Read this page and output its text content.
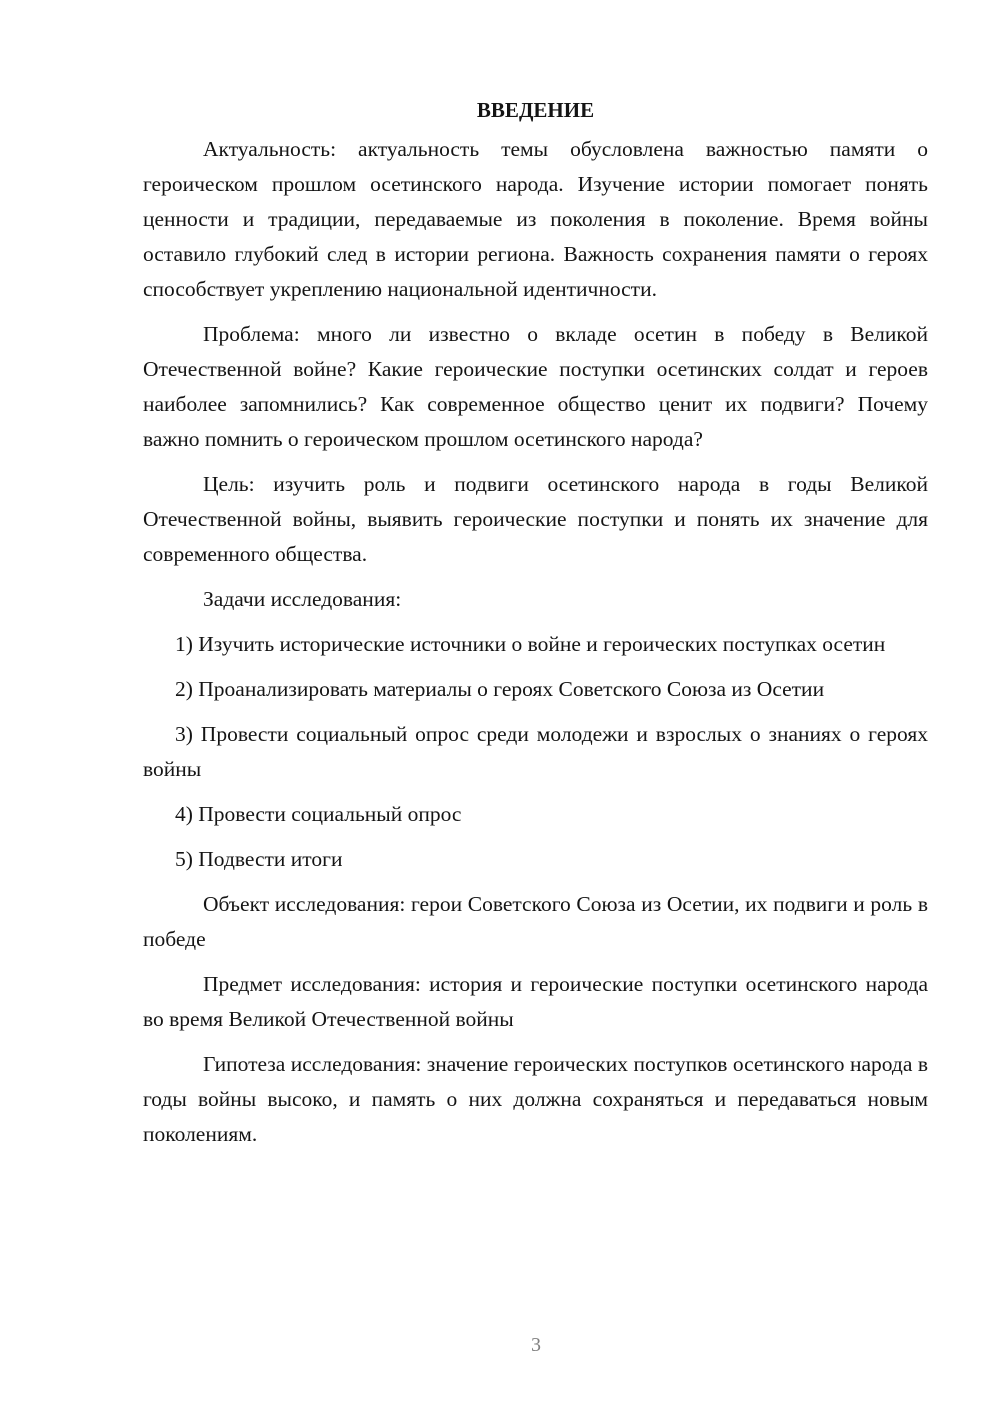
ВВЕДЕНИЕ

Актуальность: актуальность темы обусловлена важностью памяти о героическом прошлом осетинского народа. Изучение истории помогает понять ценности и традиции, передаваемые из поколения в поколение. Время войны оставило глубокий след в истории региона. Важность сохранения памяти о героях способствует укреплению национальной идентичности.

Проблема: много ли известно о вкладе осетин в победу в Великой Отечественной войне? Какие героические поступки осетинских солдат и героев наиболее запомнились? Как современное общество ценит их подвиги? Почему важно помнить о героическом прошлом осетинского народа?

Цель: изучить роль и подвиги осетинского народа в годы Великой Отечественной войны, выявить героические поступки и понять их значение для современного общества.

Задачи исследования:

1) Изучить исторические источники о войне и героических поступках осетин

2) Проанализировать материалы о героях Советского Союза из Осетии

3) Провести социальный опрос среди молодежи и взрослых о знаниях о героях войны

4) Провести социальный опрос

5) Подвести итоги

Объект исследования: герои Советского Союза из Осетии, их подвиги и роль в победе

Предмет исследования: история и героические поступки осетинского народа во время Великой Отечественной войны

Гипотеза исследования: значение героических поступков осетинского народа в годы войны высоко, и память о них должна сохраняться и передаваться новым поколениям.

3
